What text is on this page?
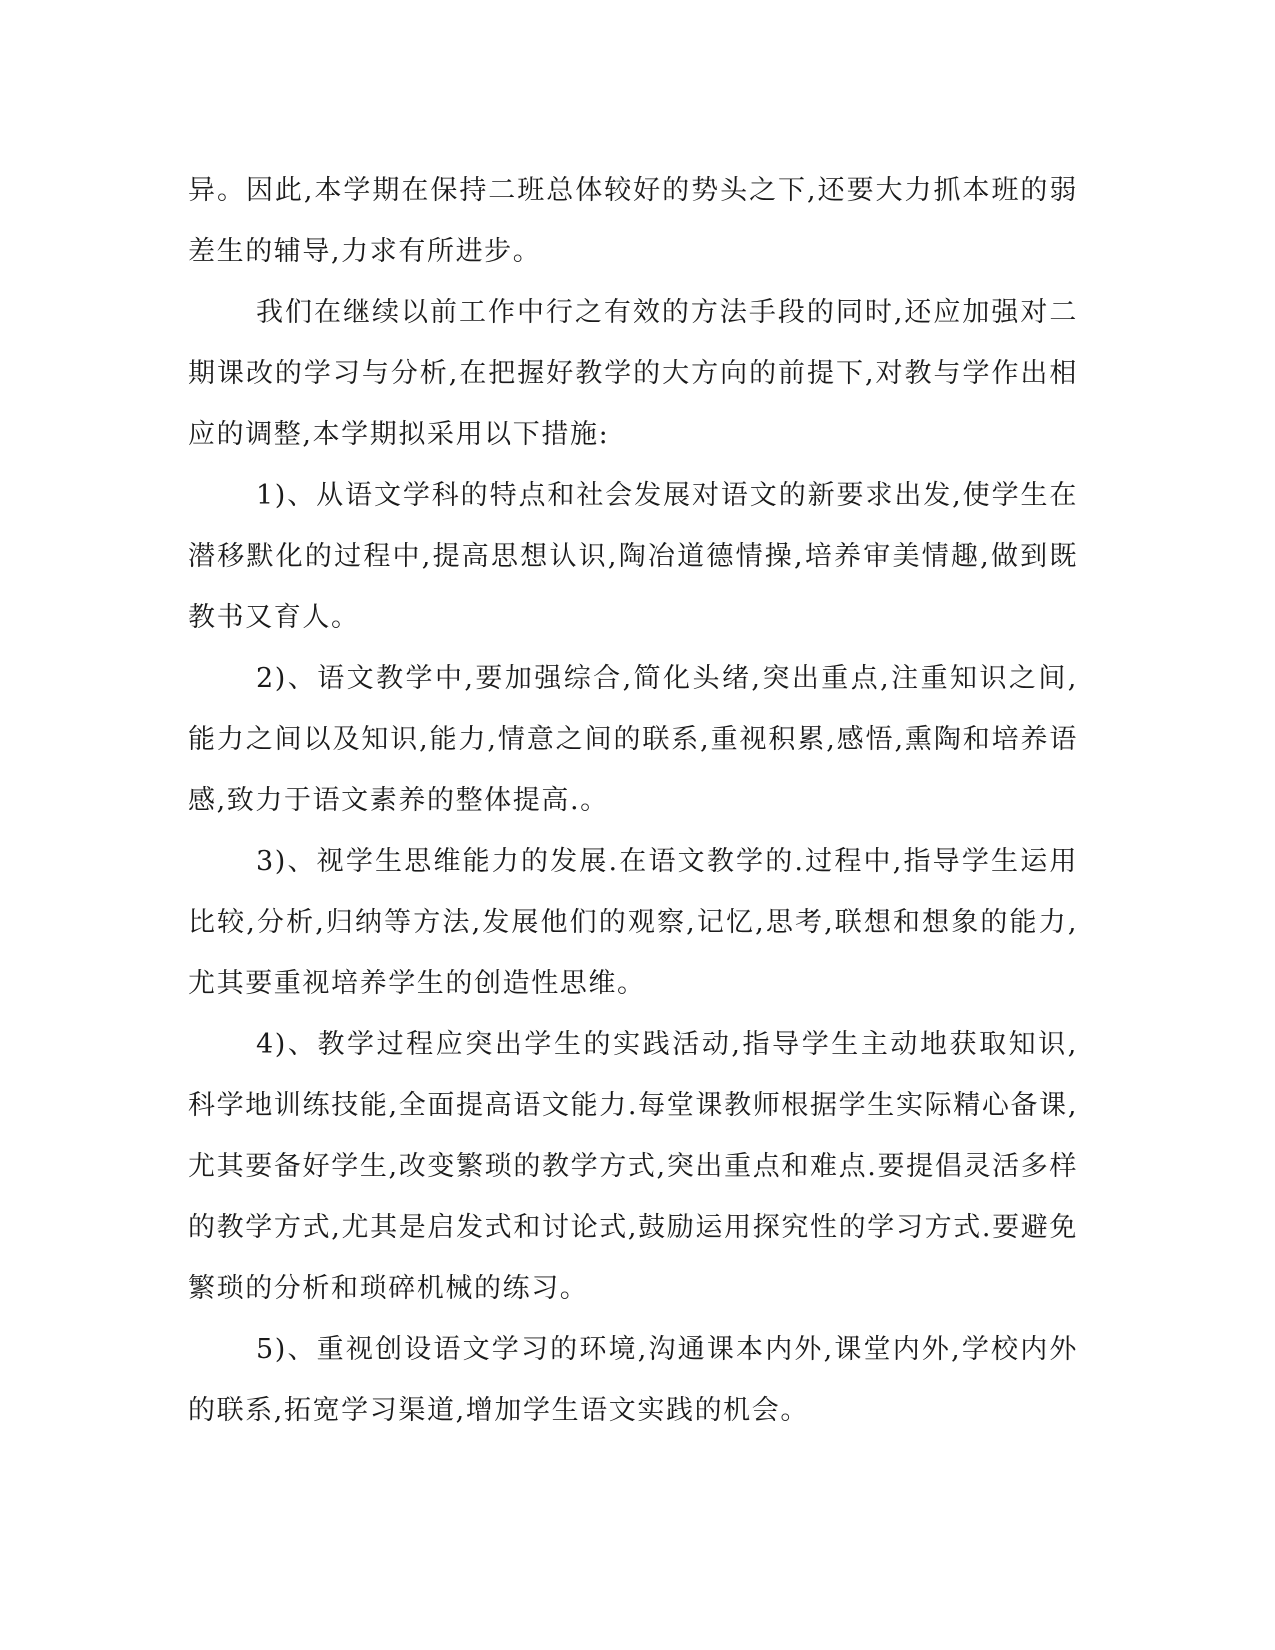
异。因此,本学期在保持二班总体较好的势头之下,还要大力抓本班的弱差生的辅导,力求有所进步。

我们在继续以前工作中行之有效的方法手段的同时,还应加强对二期课改的学习与分析,在把握好教学的大方向的前提下,对教与学作出相应的调整,本学期拟采用以下措施:

1)、从语文学科的特点和社会发展对语文的新要求出发,使学生在潜移默化的过程中,提高思想认识,陶冶道德情操,培养审美情趣,做到既教书又育人。

2)、语文教学中,要加强综合,简化头绪,突出重点,注重知识之间,能力之间以及知识,能力,情意之间的联系,重视积累,感悟,熏陶和培养语感,致力于语文素养的整体提高.。

3)、视学生思维能力的发展.在语文教学的.过程中,指导学生运用比较,分析,归纳等方法,发展他们的观察,记忆,思考,联想和想象的能力,尤其要重视培养学生的创造性思维。

4)、教学过程应突出学生的实践活动,指导学生主动地获取知识,科学地训练技能,全面提高语文能力.每堂课教师根据学生实际精心备课,尤其要备好学生,改变繁琐的教学方式,突出重点和难点.要提倡灵活多样的教学方式,尤其是启发式和讨论式,鼓励运用探究性的学习方式.要避免繁琐的分析和琐碎机械的练习。

5)、重视创设语文学习的环境,沟通课本内外,课堂内外,学校内外的联系,拓宽学习渠道,增加学生语文实践的机会。
